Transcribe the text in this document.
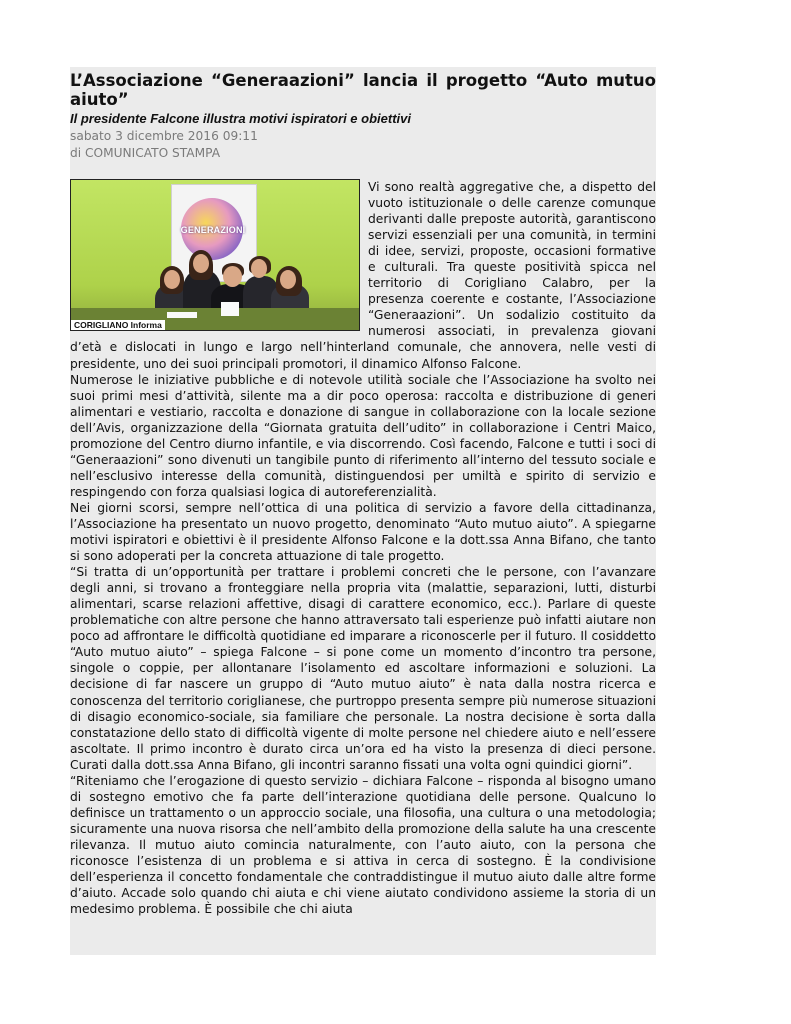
L’Associazione “Generaazioni” lancia il progetto “Auto mutuo aiuto”
Il presidente Falcone illustra motivi ispiratori e obiettivi
sabato 3 dicembre 2016 09:11
di COMUNICATO STAMPA
GENERAZIONI
CORIGLIANO Informa

Vi sono realtà aggregative che, a dispetto del vuoto istituzionale o delle carenze comunque derivanti dalle preposte autorità, garantiscono servizi essenziali per una comunità, in termini di idee, servizi, proposte, occasioni formative e culturali. Tra queste positività spicca nel territorio di Corigliano Calabro, per la presenza coerente e costante, l’Associazione “Generaazioni”. Un sodalizio costituito da numerosi associati, in prevalenza giovani d’età e dislocati in lungo e largo nell’hinterland comunale, che annovera, nelle vesti di presidente, uno dei suoi principali promotori, il dinamico Alfonso Falcone.

Numerose le iniziative pubbliche e di notevole utilità sociale che l’Associazione ha svolto nei suoi primi mesi d’attività, silente ma a dir poco operosa: raccolta e distribuzione di generi alimentari e vestiario, raccolta e donazione di sangue in collaborazione con la locale sezione dell’Avis, organizzazione della “Giornata gratuita dell’udito” in collaborazione i Centri Maico, promozione del Centro diurno infantile, e via discorrendo. Così facendo, Falcone e tutti i soci di “Generaazioni” sono divenuti un tangibile punto di riferimento all’interno del tessuto sociale e nell’esclusivo interesse della comunità, distinguendosi per umiltà e spirito di servizio e respingendo con forza qualsiasi logica di autoreferenzialità.

Nei giorni scorsi, sempre nell’ottica di una politica di servizio a favore della cittadinanza, l’Associazione ha presentato un nuovo progetto, denominato “Auto mutuo aiuto”. A spiegarne motivi ispiratori e obiettivi è il presidente Alfonso Falcone e la dott.ssa Anna Bifano, che tanto si sono adoperati per la concreta attuazione di tale progetto.

“Si tratta di un’opportunità per trattare i problemi concreti che le persone, con l’avanzare degli anni, si trovano a fronteggiare nella propria vita (malattie, separazioni, lutti, disturbi alimentari, scarse relazioni affettive, disagi di carattere economico, ecc.). Parlare di queste problematiche con altre persone che hanno attraversato tali esperienze può infatti aiutare non poco ad affrontare le difficoltà quotidiane ed imparare a riconoscerle per il futuro. Il cosiddetto “Auto mutuo aiuto” – spiega Falcone – si pone come un momento d’incontro tra persone, singole o coppie, per allontanare l’isolamento ed ascoltare informazioni e soluzioni. La decisione di far nascere un gruppo di “Auto mutuo aiuto” è nata dalla nostra ricerca e conoscenza del territorio coriglianese, che purtroppo presenta sempre più numerose situazioni di disagio economico-sociale, sia familiare che personale. La nostra decisione è sorta dalla constatazione dello stato di difficoltà vigente di molte persone nel chiedere aiuto e nell’essere ascoltate. Il primo incontro è durato circa un’ora ed ha visto la presenza di dieci persone. Curati dalla dott.ssa Anna Bifano, gli incontri saranno fissati una volta ogni quindici giorni”.

“Riteniamo che l’erogazione di questo servizio – dichiara Falcone – risponda al bisogno umano di sostegno emotivo che fa parte dell’interazione quotidiana delle persone. Qualcuno lo definisce un trattamento o un approccio sociale, una filosofia, una cultura o una metodologia; sicuramente una nuova risorsa che nell’ambito della promozione della salute ha una crescente rilevanza. Il mutuo aiuto comincia naturalmente, con l’auto aiuto, con la persona che riconosce l’esistenza di un problema e si attiva in cerca di sostegno. È la condivisione dell’esperienza il concetto fondamentale che contraddistingue il mutuo aiuto dalle altre forme d’aiuto. Accade solo quando chi aiuta e chi viene aiutato condividono assieme la storia di un medesimo problema. È possibile che chi aiuta
